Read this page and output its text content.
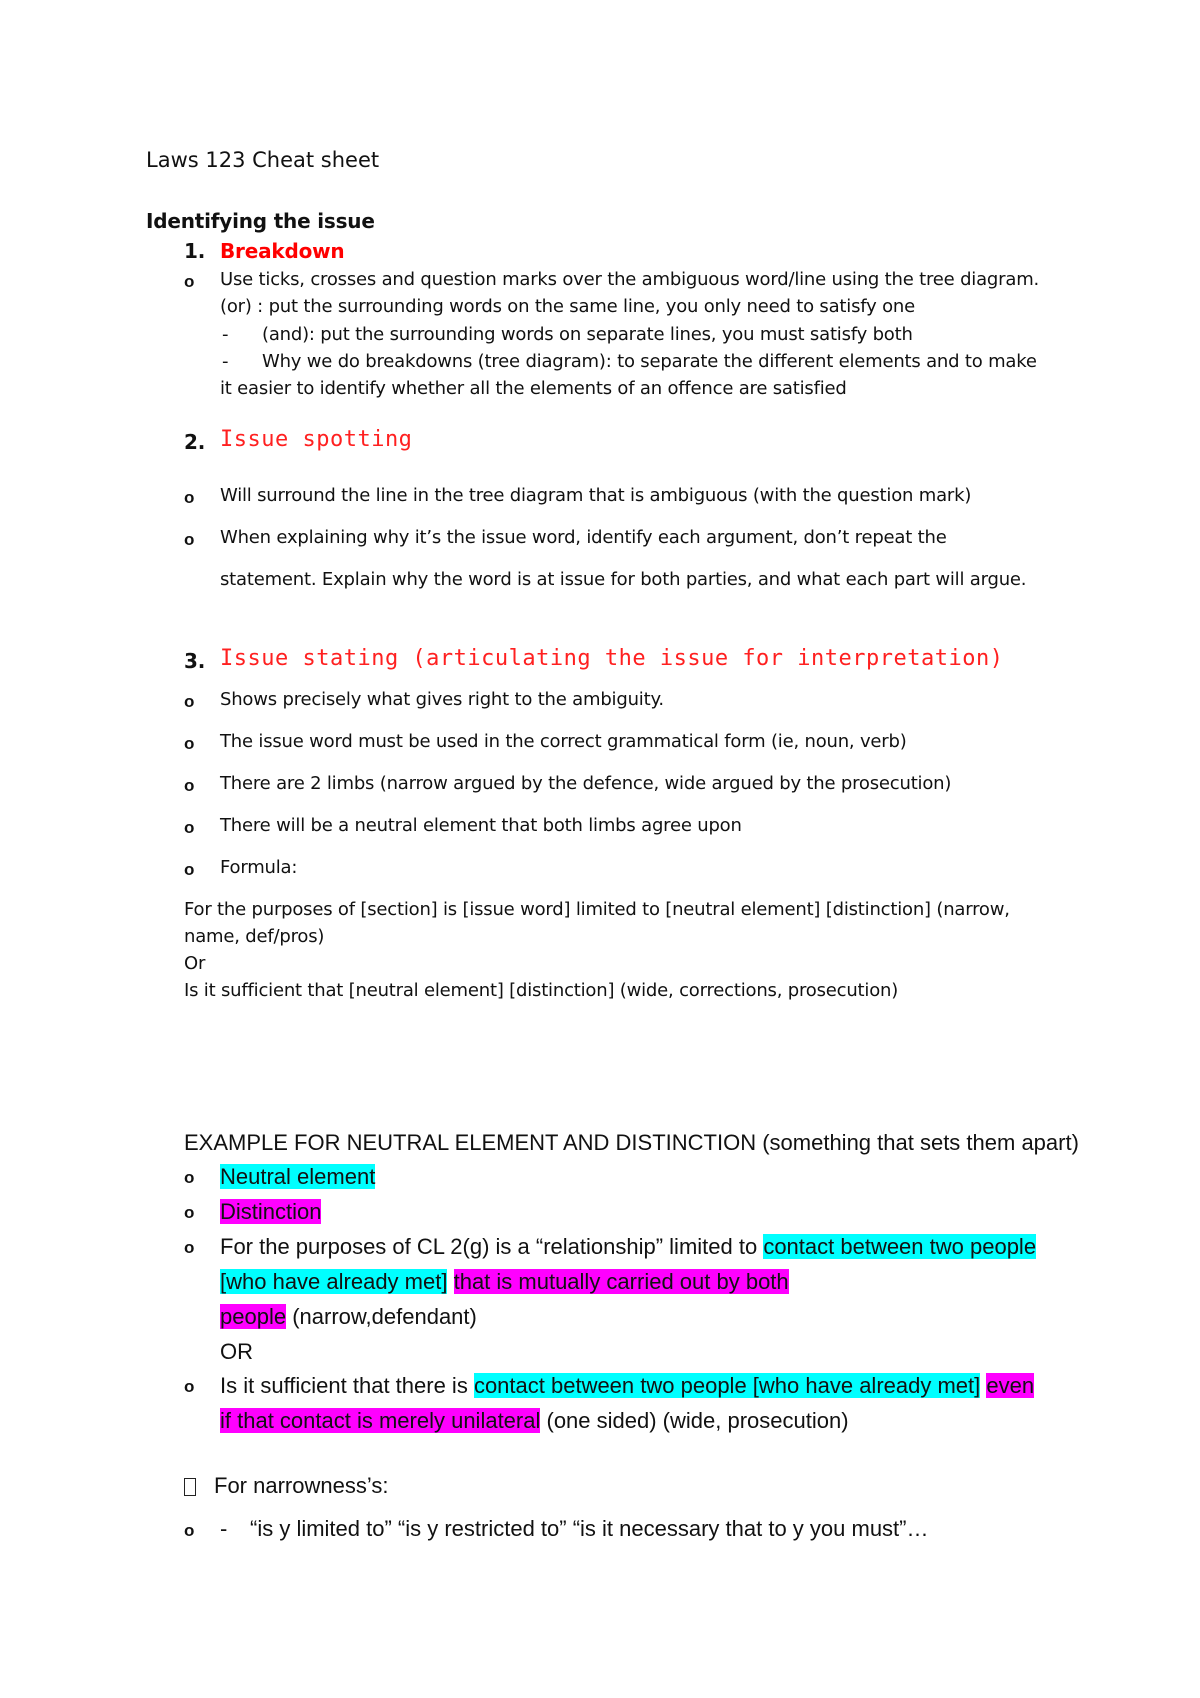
Laws 123 Cheat sheet
Identifying the issue
1. Breakdown
o Use ticks, crosses and question marks over the ambiguous word/line using the tree diagram.
(or) : put the surrounding words on the same line, you only need to satisfy one
- (and): put the surrounding words on separate lines, you must satisfy both
- Why we do breakdowns (tree diagram): to separate the different elements and to make
it easier to identify whether all the elements of an offence are satisfied
2. Issue spotting
o Will surround the line in the tree diagram that is ambiguous (with the question mark)
o When explaining why it’s the issue word, identify each argument, don’t repeat the
statement. Explain why the word is at issue for both parties, and what each part will argue.
3. Issue stating (articulating the issue for interpretation)
o Shows precisely what gives right to the ambiguity.
o The issue word must be used in the correct grammatical form (ie, noun, verb)
o There are 2 limbs (narrow argued by the defence, wide argued by the prosecution)
o There will be a neutral element that both limbs agree upon
o Formula:
For the purposes of [section] is [issue word] limited to [neutral element] [distinction] (narrow,
name, def/pros)
Or
Is it sufficient that [neutral element] [distinction] (wide, corrections, prosecution)
EXAMPLE FOR NEUTRAL ELEMENT AND DISTINCTION (something that sets them apart)
o Neutral element
o Distinction
o For the purposes of CL 2(g) is a “relationship” limited to contact between two people
[who have already met] that is mutually carried out by both
people (narrow,defendant)
OR
o Is it sufficient that there is contact between two people [who have already met] even
if that contact is merely unilateral (one sided) (wide, prosecution)
For narrowness’s:
o - “is y limited to” “is y restricted to” “is it necessary that to y you must”…
